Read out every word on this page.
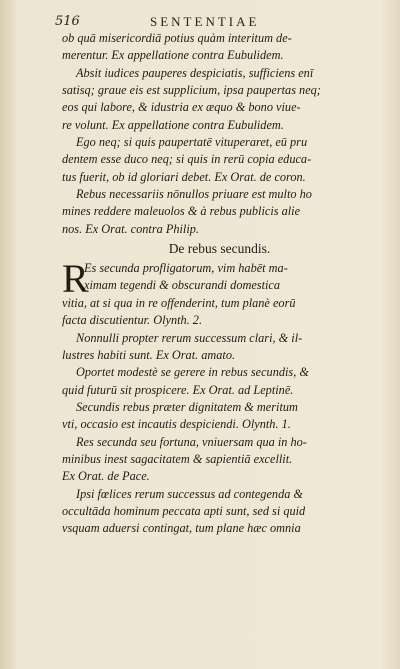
516	SENTENTIAE
ob quā misericordiā potius quàm interitum de-
merentur. Ex appellatione contra Eubulidem.
Absit iudices pauperes despiciatis, sufficiens enī
satisq; graue eis est supplicium, ipsa paupertas neq;
eos qui labore, & idustria ex æquo & bono viue-
re volunt. Ex appellatione contra Eubulidem.
Ego neq; si quis paupertatē vituperaret, eū pru
dentem esse duco neq; si quis in rerū copia educa-
tus fuerit, ob id gloriari debet. Ex Orat. de coron.
Rebus necessariis nōnullos priuare est multo ho
mines reddere maleuolos & à rebus publicis alie
nos. Ex Orat. contra Philip.
De rebus secundis.
R
Es secunda profligatorum, vim habēt ma-
ximam tegendi & obscurandi domestica
vitia, at si qua in re offenderint, tum planè eorū
facta discutientur. Olynth. 2.
Nonnulli propter rerum successum clari, & il-
lustres habiti sunt. Ex Orat. amato.
Oportet modestè se gerere in rebus secundis, &
quid futurū sit prospicere. Ex Orat. ad Leptinē.
Secundis rebus præter dignitatem & meritum
vti, occasio est incautis despiciendi. Olynth. 1.
Res secunda seu fortuna, vniuersam qua in ho-
minibus inest sagacitatem & sapientiā excellit.
Ex Orat. de Pace.
Ipsi fœlices rerum successus ad contegenda &
occultāda hominum peccata apti sunt, sed si quid
vsquam aduersi contingat, tum plane hæc omnia
